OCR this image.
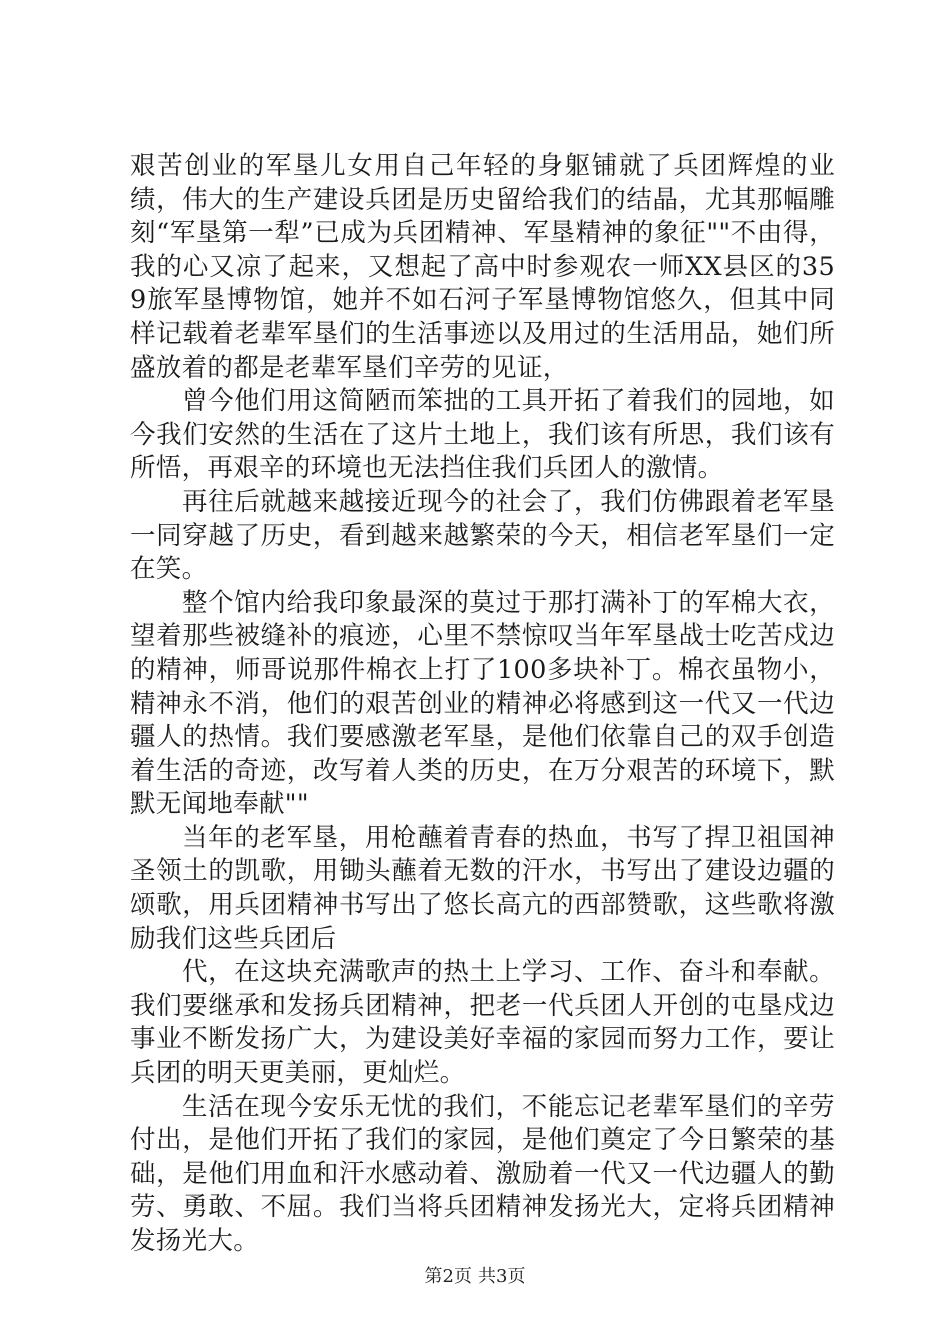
艰苦创业的军垦儿女用自己年轻的身躯铺就了兵团辉煌的业绩，伟大的生产建设兵团是历史留给我们的结晶，尤其那幅雕刻“军垦第一犁”已成为兵团精神、军垦精神的象征""不由得，我的心又凉了起来，又想起了高中时参观农一师XX县区的359旅军垦博物馆，她并不如石河子军垦博物馆悠久，但其中同样记载着老辈军垦们的生活事迹以及用过的生活用品，她们所盛放着的都是老辈军垦们辛劳的见证，

曾今他们用这简陋而笨拙的工具开拓了着我们的园地，如今我们安然的生活在了这片土地上，我们该有所思，我们该有所悟，再艰辛的环境也无法挡住我们兵团人的激情。

再往后就越来越接近现今的社会了，我们仿佛跟着老军垦一同穿越了历史，看到越来越繁荣的今天，相信老军垦们一定在笑。

整个馆内给我印象最深的莫过于那打满补丁的军棉大衣，望着那些被缝补的痕迹，心里不禁惊叹当年军垦战士吃苦戍边的精神，师哥说那件棉衣上打了100多块补丁。棉衣虽物小，精神永不消，他们的艰苦创业的精神必将感到这一代又一代边疆人的热情。我们要感激老军垦，是他们依靠自己的双手创造着生活的奇迹，改写着人类的历史，在万分艰苦的环境下，默默无闻地奉献""

当年的老军垦，用枪蘸着青春的热血，书写了捍卫祖国神圣领土的凯歌，用锄头蘸着无数的汗水，书写出了建设边疆的颂歌，用兵团精神书写出了悠长高亢的西部赞歌，这些歌将激励我们这些兵团后

代，在这块充满歌声的热土上学习、工作、奋斗和奉献。我们要继承和发扬兵团精神，把老一代兵团人开创的屯垦戍边事业不断发扬广大，为建设美好幸福的家园而努力工作，要让兵团的明天更美丽，更灿烂。

生活在现今安乐无忧的我们，不能忘记老辈军垦们的辛劳付出，是他们开拓了我们的家园，是他们奠定了今日繁荣的基础，是他们用血和汗水感动着、激励着一代又一代边疆人的勤劳、勇敢、不屈。我们当将兵团精神发扬光大，定将兵团精神发扬光大。

第2页 共3页
